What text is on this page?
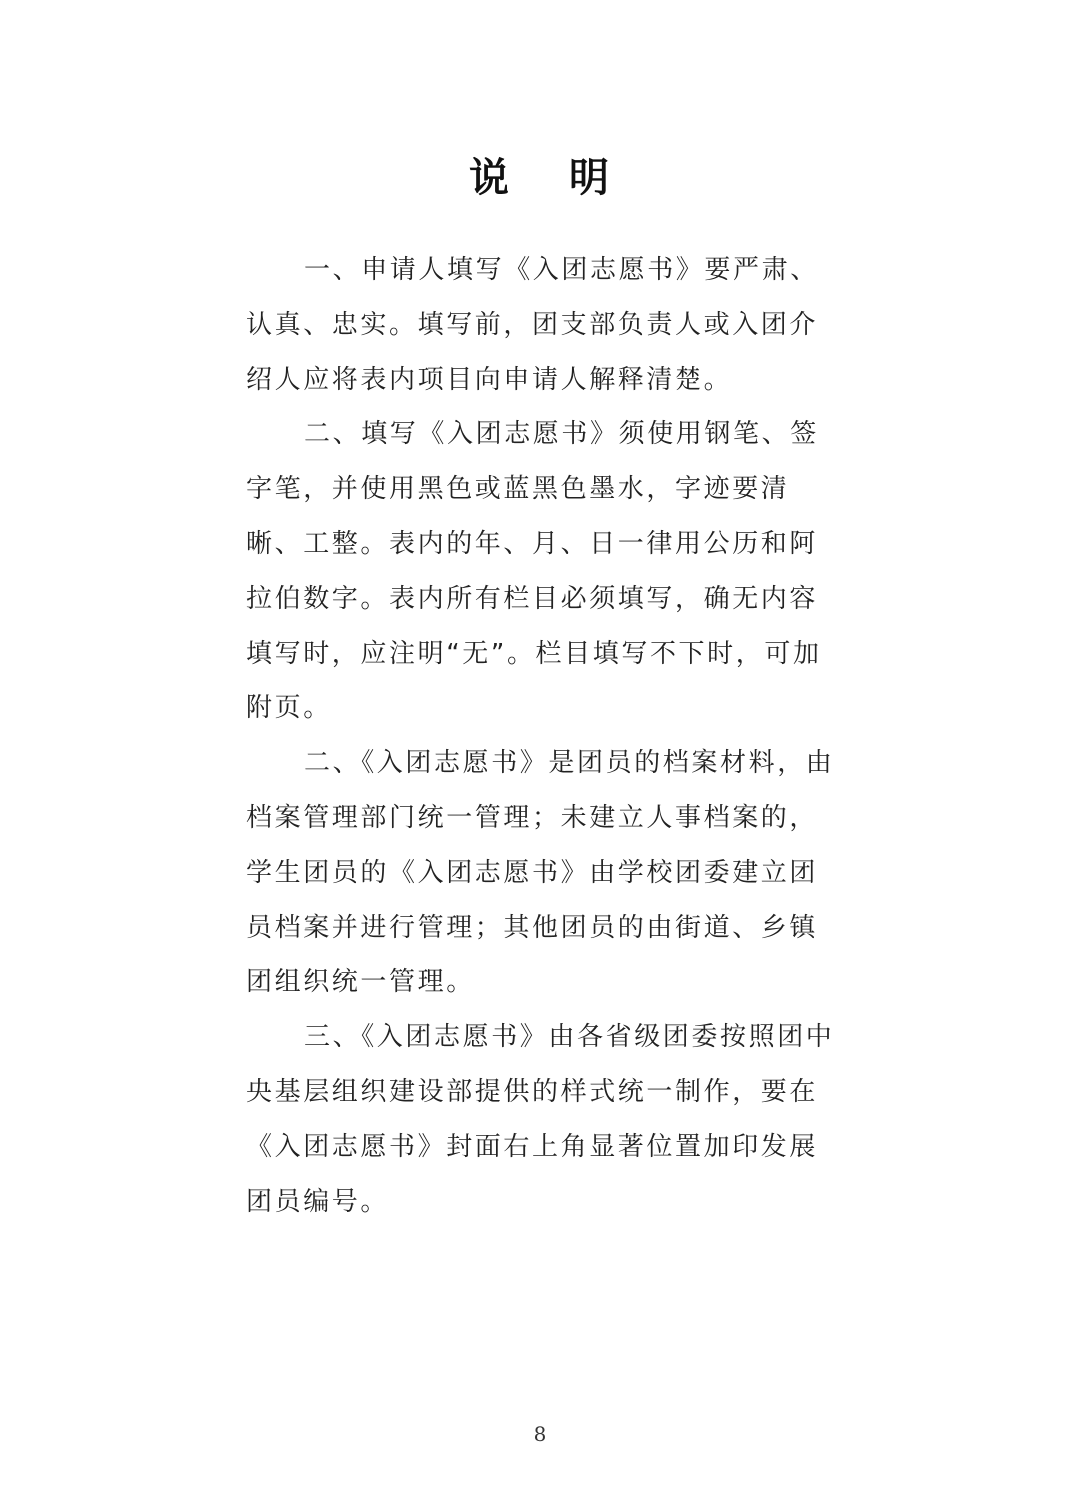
说 明

一、申请人填写《入团志愿书》要严肃、认真、忠实。填写前，团支部负责人或入团介绍人应将表内项目向申请人解释清楚。

二、填写《入团志愿书》须使用钢笔、签字笔，并使用黑色或蓝黑色墨水，字迹要清晰、工整。表内的年、月、日一律用公历和阿拉伯数字。表内所有栏目必须填写，确无内容填写时，应注明“无”。栏目填写不下时，可加附页。

二、《入团志愿书》是团员的档案材料，由档案管理部门统一管理；未建立人事档案的，学生团员的《入团志愿书》由学校团委建立团员档案并进行管理；其他团员的由街道、乡镇团组织统一管理。

三、《入团志愿书》由各省级团委按照团中央基层组织建设部提供的样式统一制作，要在《入团志愿书》封面右上角显著位置加印发展团员编号。

8
